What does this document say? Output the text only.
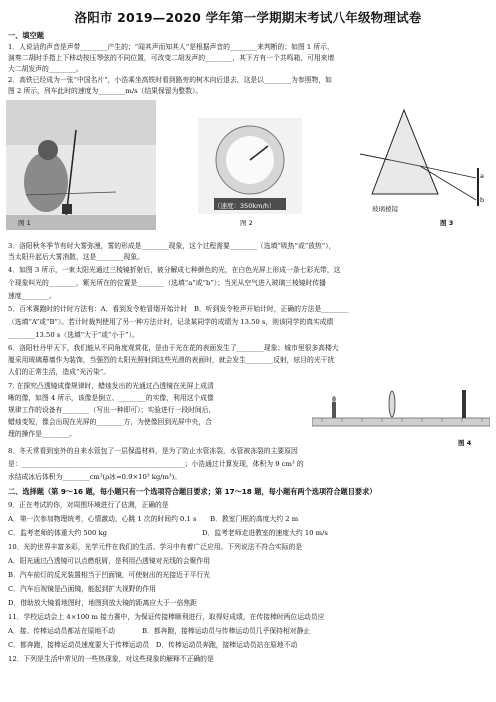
洛阳市 2019—2020 学年第一学期期末考试八年级物理试卷
一、填空题
1．人说话的声音是声带________产生的；“闻其声而知其人”是根据声音的________来判断的；如图 1 所示，
演奏二胡时手指上下移动按压琴弦的不同位置，可改变二胡发声的________，其下方有一个共鸣箱，可用来增
大二胡发声的________。
2．高铁已经成为一张“中国名片”，小浩乘坐高铁时看到路旁的树木向后退去，这是以________为参照物，如
图 2 所示，列车此时的速度为________m/s（结果保留为整数）。
图 1
（速度：350km/h）
图 2
a
b
玻璃棱镜
图 3
3．洛阳秋冬季节有时大雾弥漫，雾的形成是________现象，这个过程需要________（选填“吸热”或“放热”），
当太阳升起后大雾消散，这是________现象。
4．如图 3 所示，一束太阳光通过三棱镜折射后，被分解成七种颜色的光，在白色光屏上形成一条七彩光带，这
个现象叫光的________，紫光所在的位置是________（选填“a”或“b”）；当光从空气进入玻璃三棱镜时传播
速度________。
5．百米赛跑时的计时方法有：A．看到发令枪冒烟开始计时　B．听到发令枪声开始计时，正确的方法是________
（选填“A”或“B”）。若计时裁判使用了另一种方法计时，记录某同学的成绩为 13.50 s，则该同学的真实成绩
________13.50 s（选填“大于”或“小于”）。
6．洛阳牡丹甲天下，我们能从不同角度观赏花，是由于光在花的表面发生了________现象；城市里很多高楼大
厦采用玻璃幕墙作为装饰，当强烈的太阳光照射到这些光滑的表面时，就会发生________反射，炫目的光干扰
人们的正常生活，造成“光污染”。
7. 在探究凸透镜成像规律时，蜡烛发出的光通过凸透镜在光屏上成清
晰的像，如图 4 所示，该像是倒立、________的实像，利用这个成像
规律工作的设备有________（写出一种即可）；实验进行一段时间后，
蜡烛变短，像会出现在光屏的________方，为使像回到光屏中央，合
理的操作是________。
图 4
8．冬天常看到室外的自来水管包了一层保温材料，是为了防止水管冻裂，水管被冻裂的主要原因
是：________________________________________________；小浩通过计算发现，体积为 9 cm³ 的
水结成冰后体积为________cm³(ρ冰=0.9×10³ kg/m³)。
二、选择题（第 9～16 题，每小题只有一个选项符合题目要求；第 17～18 题，每小题有两个选项符合题目要求）
9．正在考试的你，对周围环境进行了估测，正确的是
A．第一次参加物理统考，心情激动，心跳 1 次的时间约 0.1 s　　B．教室门框的高度大约 2 m
C．监考老师的体重大约 500 kg　　　　　　　　　　　　　　D．监考老师走进教室的速度大约 10 m/s
10．光的世界丰富多彩，光学元件在我们的生活、学习中有着广泛应用。下列说法不符合实际的是
A．阳光通过凸透镜可以点燃纸屑，是利用凸透镜对光线的会聚作用
B．汽车前灯的反光装置相当于凹面镜，可使射出的光接近于平行光
C．汽车后视镜是凸面镜，能起到扩大视野的作用
D．借助放大镜看地图时，地图到放大镜的距离应大于一倍焦距
11．学校运动会上 4×100 m 接力赛中，为保证传接棒顺利进行，取得好成绩，在传接棒时两位运动员应
A．接、传棒运动员都站在原地不动　　　　B．都奔跑，接棒运动员与传棒运动员几乎保持相对静止
C．都奔跑，接棒运动员速度要大于传棒运动员　D．传棒运动员奔跑，接棒运动员站在原地不动
12．下列是生活中常见的一些热现象，对这些现象的解释不正确的是
